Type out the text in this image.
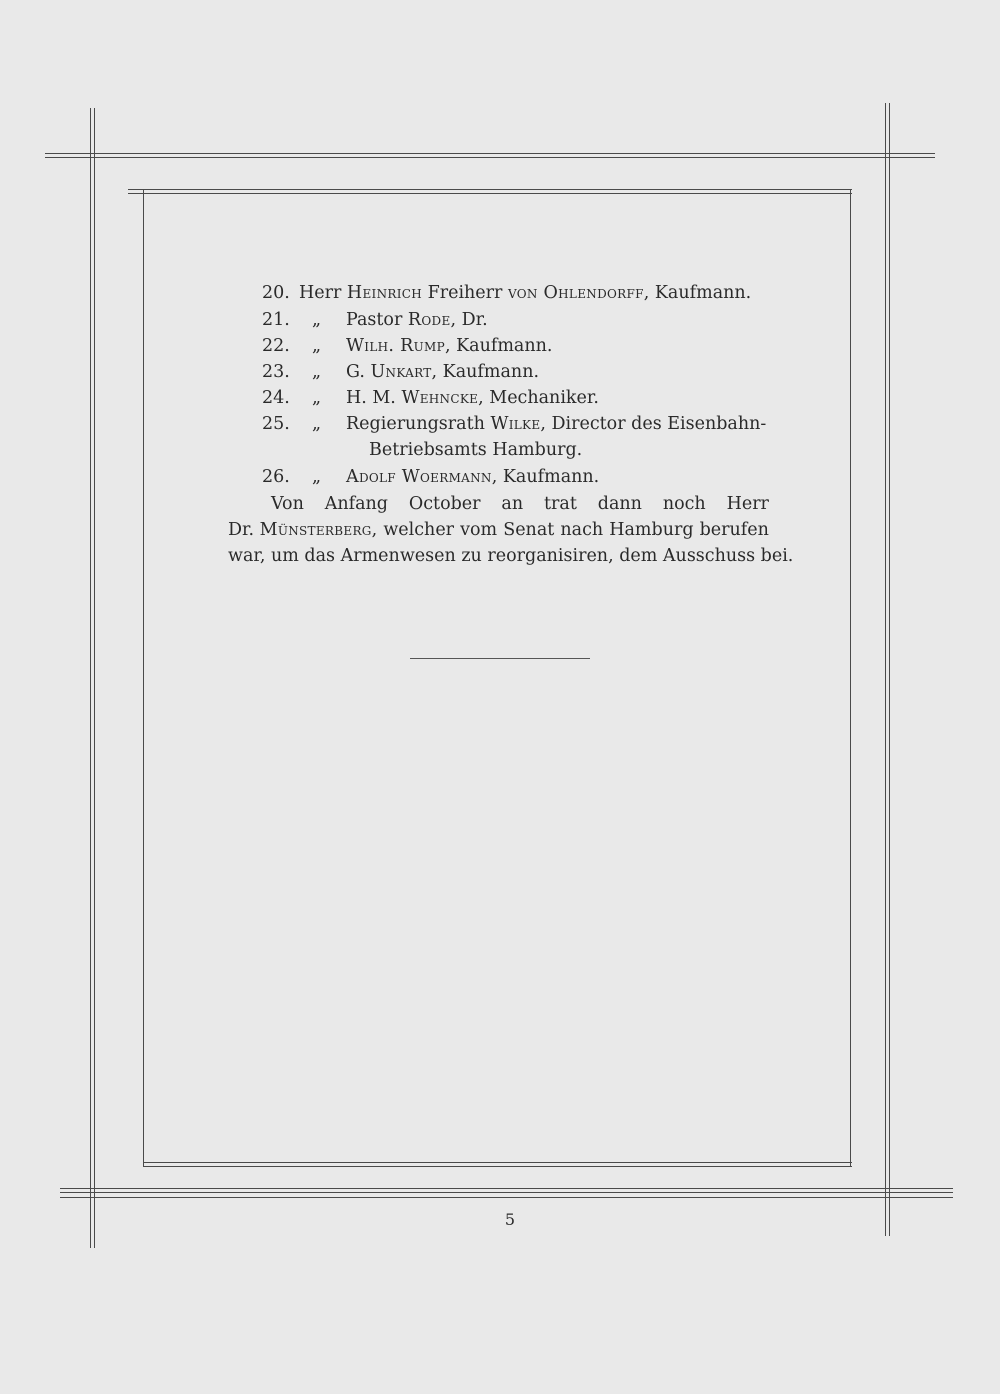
20. Herr Heinrich Freiherr von Ohlendorff, Kaufmann.
21. „ Pastor Rode, Dr.
22. „ Wilh. Rump, Kaufmann.
23. „ G. Unkart, Kaufmann.
24. „ H. M. Wehncke, Mechaniker.
25. „ Regierungsrath Wilke, Director des Eisenbahn-
Betriebsamts Hamburg.
26. „ Adolf Woermann, Kaufmann.
Von Anfang October an trat dann noch Herr
Dr. Münsterberg, welcher vom Senat nach Hamburg berufen
war, um das Armenwesen zu reorganisiren, dem Ausschuss bei.
5
